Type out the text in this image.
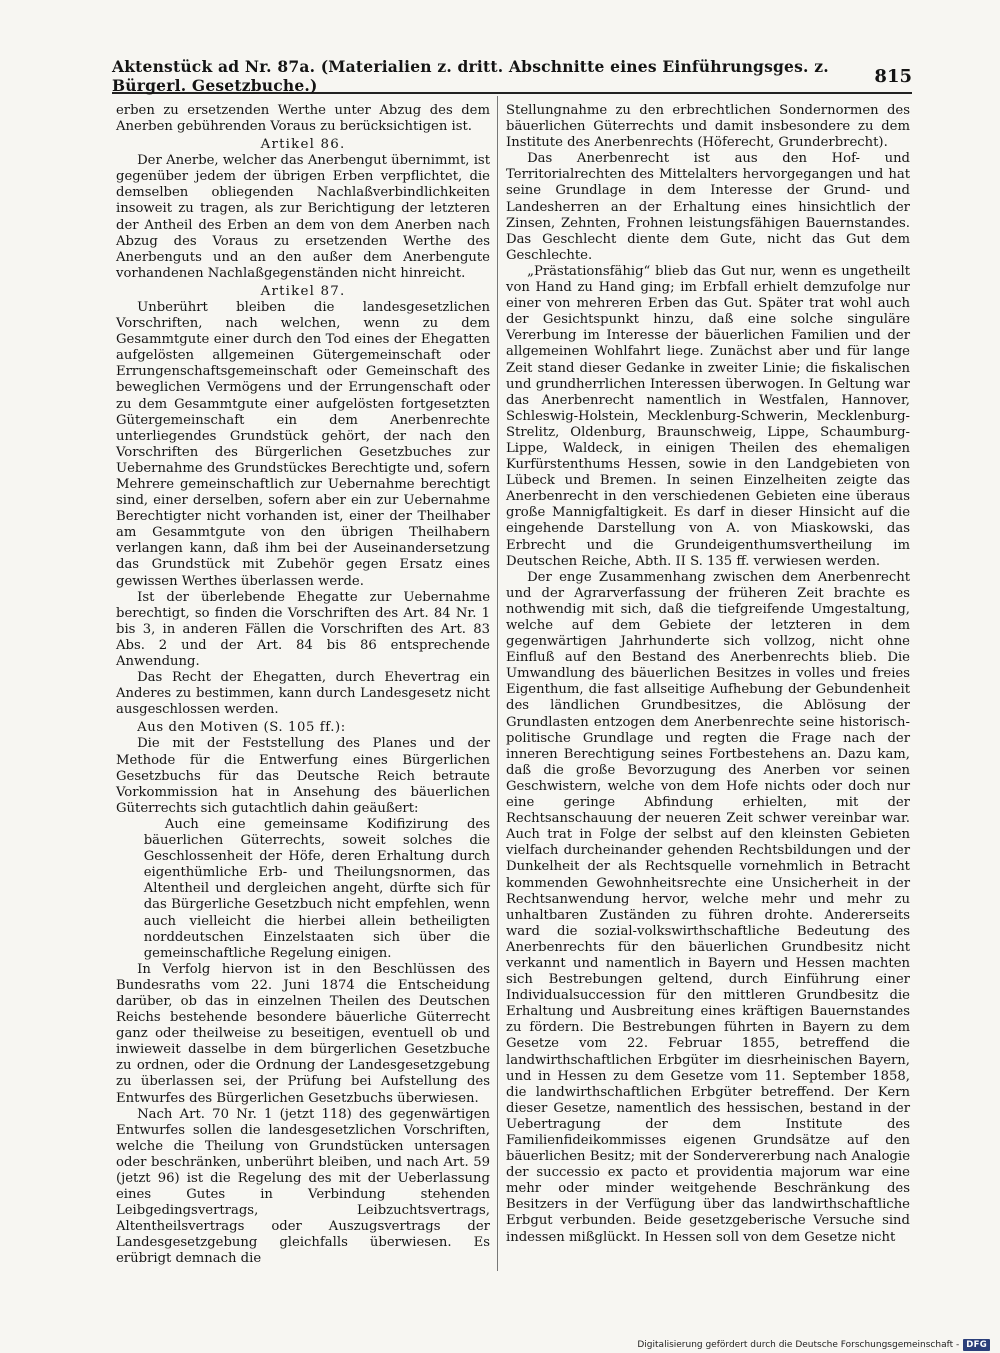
Aktenstück ad Nr. 87a. (Materialien z. dritt. Abschnitte eines Einführungsges. z. Bürgerl. Gesetzbuche.)	815

erben zu ersetzenden Werthe unter Abzug des dem Anerben gebührenden Voraus zu berücksichtigen ist.

Artikel 86.

Der Anerbe, welcher das Anerbengut übernimmt, ist gegenüber jedem der übrigen Erben verpflichtet, die demselben obliegenden Nachlaßverbindlichkeiten insoweit zu tragen, als zur Berichtigung der letzteren der Antheil des Erben an dem von dem Anerben nach Abzug des Voraus zu ersetzenden Werthe des Anerbenguts und an den außer dem Anerbengute vorhandenen Nachlaßgegenständen nicht hinreicht.

Artikel 87.

Unberührt bleiben die landesgesetzlichen Vorschriften, nach welchen, wenn zu dem Gesammtgute einer durch den Tod eines der Ehegatten aufgelösten allgemeinen Gütergemeinschaft oder Errungenschaftsgemeinschaft oder Gemeinschaft des beweglichen Vermögens und der Errungenschaft oder zu dem Gesammtgute einer aufgelösten fortgesetzten Gütergemeinschaft ein dem Anerbenrechte unterliegendes Grundstück gehört, der nach den Vorschriften des Bürgerlichen Gesetzbuches zur Uebernahme des Grundstückes Berechtigte und, sofern Mehrere gemeinschaftlich zur Uebernahme berechtigt sind, einer derselben, sofern aber ein zur Uebernahme Berechtigter nicht vorhanden ist, einer der Theilhaber am Gesammtgute von den übrigen Theilhabern verlangen kann, daß ihm bei der Auseinandersetzung das Grundstück mit Zubehör gegen Ersatz eines gewissen Werthes überlassen werde.

Ist der überlebende Ehegatte zur Uebernahme berechtigt, so finden die Vorschriften des Art. 84 Nr. 1 bis 3, in anderen Fällen die Vorschriften des Art. 83 Abs. 2 und der Art. 84 bis 86 entsprechende Anwendung.

Das Recht der Ehegatten, durch Ehevertrag ein Anderes zu bestimmen, kann durch Landesgesetz nicht ausgeschlossen werden.

Aus den Motiven (S. 105 ff.):

Die mit der Feststellung des Planes und der Methode für die Entwerfung eines Bürgerlichen Gesetzbuchs für das Deutsche Reich betraute Vorkommission hat in Ansehung des bäuerlichen Güterrechts sich gutachtlich dahin geäußert:

Auch eine gemeinsame Kodifizirung des bäuerlichen Güterrechts, soweit solches die Geschlossenheit der Höfe, deren Erhaltung durch eigenthümliche Erb- und Theilungsnormen, das Altentheil und dergleichen angeht, dürfte sich für das Bürgerliche Gesetzbuch nicht empfehlen, wenn auch vielleicht die hierbei allein betheiligten norddeutschen Einzelstaaten sich über die gemeinschaftliche Regelung einigen.

In Verfolg hiervon ist in den Beschlüssen des Bundesraths vom 22. Juni 1874 die Entscheidung darüber, ob das in einzelnen Theilen des Deutschen Reichs bestehende besondere bäuerliche Güterrecht ganz oder theilweise zu beseitigen, eventuell ob und inwieweit dasselbe in dem bürgerlichen Gesetzbuche zu ordnen, oder die Ordnung der Landesgesetzgebung zu überlassen sei, der Prüfung bei Aufstellung des Entwurfes des Bürgerlichen Gesetzbuchs überwiesen.

Nach Art. 70 Nr. 1 (jetzt 118) des gegenwärtigen Entwurfes sollen die landesgesetzlichen Vorschriften, welche die Theilung von Grundstücken untersagen oder beschränken, unberührt bleiben, und nach Art. 59 (jetzt 96) ist die Regelung des mit der Ueberlassung eines Gutes in Verbindung stehenden Leibgedingsvertrags, Leibzuchtsvertrags, Altentheilsvertrags oder Auszugsvertrags der Landesgesetzgebung gleichfalls überwiesen. Es erübrigt demnach die

Stellungnahme zu den erbrechtlichen Sondernormen des bäuerlichen Güterrechts und damit insbesondere zu dem Institute des Anerbenrechts (Höferecht, Grunderbrecht).

Das Anerbenrecht ist aus den Hof- und Territorialrechten des Mittelalters hervorgegangen und hat seine Grundlage in dem Interesse der Grund- und Landesherren an der Erhaltung eines hinsichtlich der Zinsen, Zehnten, Frohnen leistungsfähigen Bauernstandes. Das Geschlecht diente dem Gute, nicht das Gut dem Geschlechte.

„Prästationsfähig“ blieb das Gut nur, wenn es ungetheilt von Hand zu Hand ging; im Erbfall erhielt demzufolge nur einer von mehreren Erben das Gut. Später trat wohl auch der Gesichtspunkt hinzu, daß eine solche singuläre Vererbung im Interesse der bäuerlichen Familien und der allgemeinen Wohlfahrt liege. Zunächst aber und für lange Zeit stand dieser Gedanke in zweiter Linie; die fiskalischen und grundherrlichen Interessen überwogen. In Geltung war das Anerbenrecht namentlich in Westfalen, Hannover, Schleswig-Holstein, Mecklenburg-Schwerin, Mecklenburg-Strelitz, Oldenburg, Braunschweig, Lippe, Schaumburg-Lippe, Waldeck, in einigen Theilen des ehemaligen Kurfürstenthums Hessen, sowie in den Landgebieten von Lübeck und Bremen. In seinen Einzelheiten zeigte das Anerbenrecht in den verschiedenen Gebieten eine überaus große Mannigfaltigkeit. Es darf in dieser Hinsicht auf die eingehende Darstellung von A. von Miaskowski, das Erbrecht und die Grundeigenthumsvertheilung im Deutschen Reiche, Abth. II S. 135 ff. verwiesen werden.

Der enge Zusammenhang zwischen dem Anerbenrecht und der Agrarverfassung der früheren Zeit brachte es nothwendig mit sich, daß die tiefgreifende Umgestaltung, welche auf dem Gebiete der letzteren in dem gegenwärtigen Jahrhunderte sich vollzog, nicht ohne Einfluß auf den Bestand des Anerbenrechts blieb. Die Umwandlung des bäuerlichen Besitzes in volles und freies Eigenthum, die fast allseitige Aufhebung der Gebundenheit des ländlichen Grundbesitzes, die Ablösung der Grundlasten entzogen dem Anerbenrechte seine historisch-politische Grundlage und regten die Frage nach der inneren Berechtigung seines Fortbestehens an. Dazu kam, daß die große Bevorzugung des Anerben vor seinen Geschwistern, welche von dem Hofe nichts oder doch nur eine geringe Abfindung erhielten, mit der Rechtsanschauung der neueren Zeit schwer vereinbar war. Auch trat in Folge der selbst auf den kleinsten Gebieten vielfach durcheinander gehenden Rechtsbildungen und der Dunkelheit der als Rechtsquelle vornehmlich in Betracht kommenden Gewohnheitsrechte eine Unsicherheit in der Rechtsanwendung hervor, welche mehr und mehr zu unhaltbaren Zuständen zu führen drohte. Andererseits ward die sozial-volkswirthschaftliche Bedeutung des Anerbenrechts für den bäuerlichen Grundbesitz nicht verkannt und namentlich in Bayern und Hessen machten sich Bestrebungen geltend, durch Einführung einer Individualsuccession für den mittleren Grundbesitz die Erhaltung und Ausbreitung eines kräftigen Bauernstandes zu fördern. Die Bestrebungen führten in Bayern zu dem Gesetze vom 22. Februar 1855, betreffend die landwirthschaftlichen Erbgüter im diesrheinischen Bayern, und in Hessen zu dem Gesetze vom 11. September 1858, die landwirthschaftlichen Erbgüter betreffend. Der Kern dieser Gesetze, namentlich des hessischen, bestand in der Uebertragung der dem Institute des Familienfideikommisses eigenen Grundsätze auf den bäuerlichen Besitz; mit der Sondervererbung nach Analogie der successio ex pacto et providentia majorum war eine mehr oder minder weitgehende Beschränkung des Besitzers in der Verfügung über das landwirthschaftliche Erbgut verbunden. Beide gesetzgeberische Versuche sind indessen mißglückt. In Hessen soll von dem Gesetze nicht

Digitalisierung gefördert durch die Deutsche Forschungsgemeinschaft - DFG
